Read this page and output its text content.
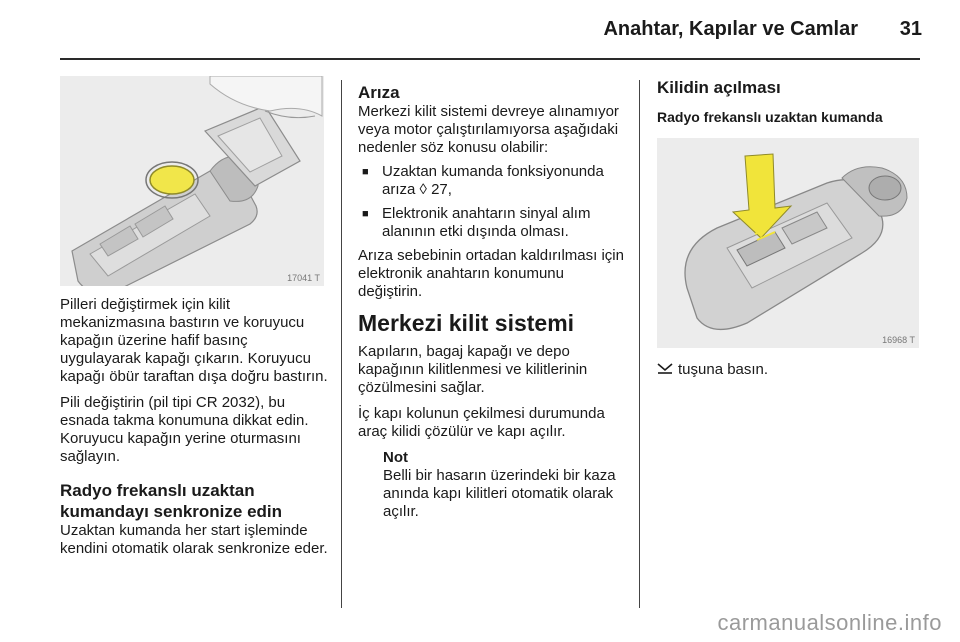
Anahtar, Kapılar ve Camlar 31
17041 T

Pilleri değiştirmek için kilit mekanizmasına bastırın ve koruyucu kapağın üzerine hafif basınç uygulayarak kapağı çıkarın. Koruyucu kapağı öbür taraftan dışa doğru bastırın.

Pili değiştirin (pil tipi CR 2032), bu esnada takma konumuna dikkat edin. Koruyucu kapağın yerine oturmasını sağlayın.

Radyo frekanslı uzaktan kumandayı senkronize edin

Uzaktan kumanda her start işleminde kendini otomatik olarak senkronize eder.

Arıza

Merkezi kilit sistemi devreye alınamıyor veya motor çalıştırılamıyorsa aşağıdaki nedenler söz konusu olabilir:

■ Uzaktan kumanda fonksiyonunda arıza ◊ 27,
■ Elektronik anahtarın sinyal alım alanının etki dışında olması.

Arıza sebebinin ortadan kaldırılması için elektronik anahtarın konumunu değiştirin.

Merkezi kilit sistemi

Kapıların, bagaj kapağı ve depo kapağının kilitlenmesi ve kilitlerinin çözülmesini sağlar.

İç kapı kolunun çekilmesi durumunda araç kilidi çözülür ve kapı açılır.

Not
Belli bir hasarın üzerindeki bir kaza anında kapı kilitleri otomatik olarak açılır.
Kilidin açılması
Radyo frekanslı uzaktan kumanda
16968 T
tuşuna basın.
carmanualsonline.info
